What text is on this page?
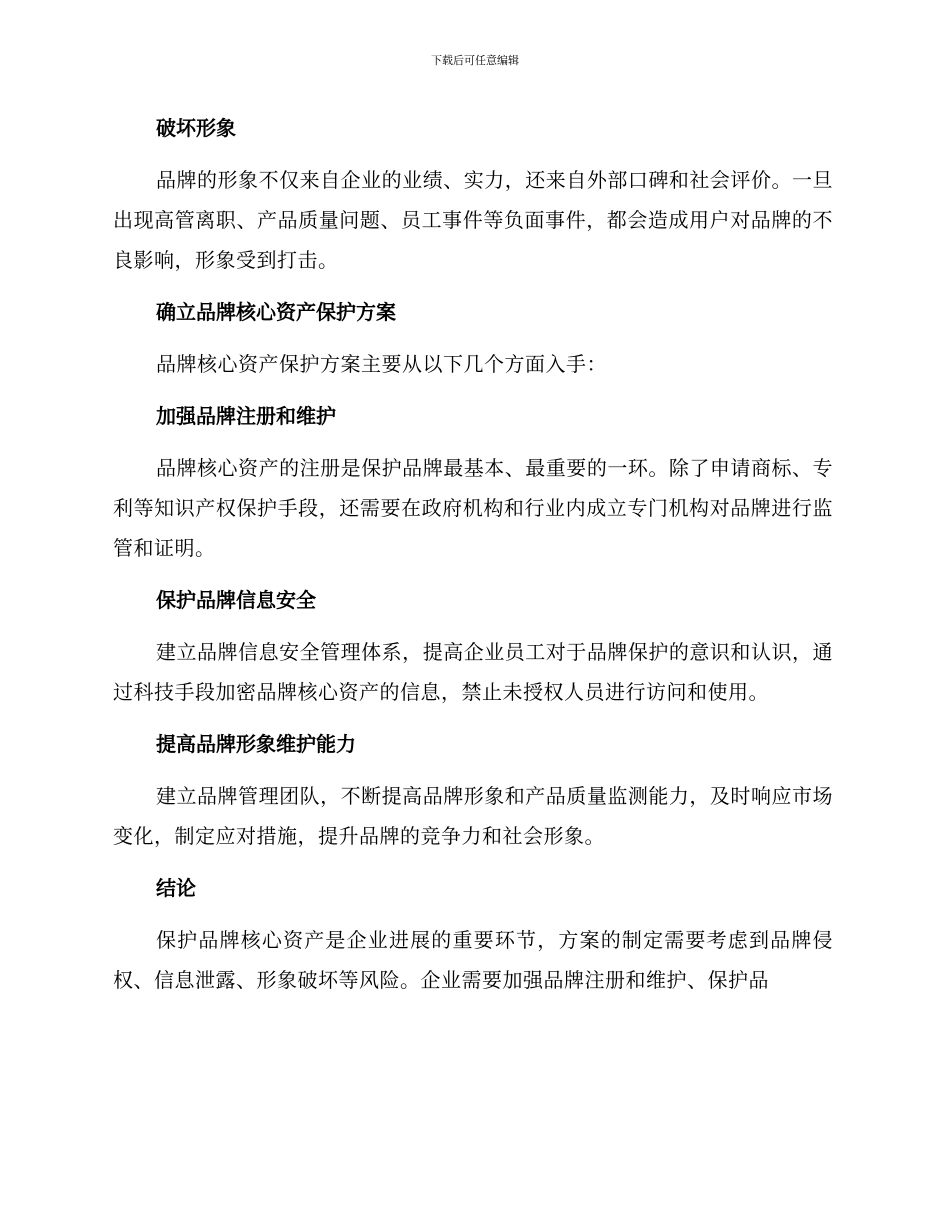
下载后可任意编辑
破坏形象

品牌的形象不仅来自企业的业绩、实力，还来自外部口碑和社会评价。一旦出现高管离职、产品质量问题、员工事件等负面事件，都会造成用户对品牌的不良影响，形象受到打击。

确立品牌核心资产保护方案

品牌核心资产保护方案主要从以下几个方面入手：

加强品牌注册和维护

品牌核心资产的注册是保护品牌最基本、最重要的一环。除了申请商标、专利等知识产权保护手段，还需要在政府机构和行业内成立专门机构对品牌进行监管和证明。

保护品牌信息安全

建立品牌信息安全管理体系，提高企业员工对于品牌保护的意识和认识，通过科技手段加密品牌核心资产的信息，禁止未授权人员进行访问和使用。

提高品牌形象维护能力

建立品牌管理团队，不断提高品牌形象和产品质量监测能力，及时响应市场变化，制定应对措施，提升品牌的竞争力和社会形象。

结论

保护品牌核心资产是企业进展的重要环节，方案的制定需要考虑到品牌侵权、信息泄露、形象破坏等风险。企业需要加强品牌注册和维护、保护品
